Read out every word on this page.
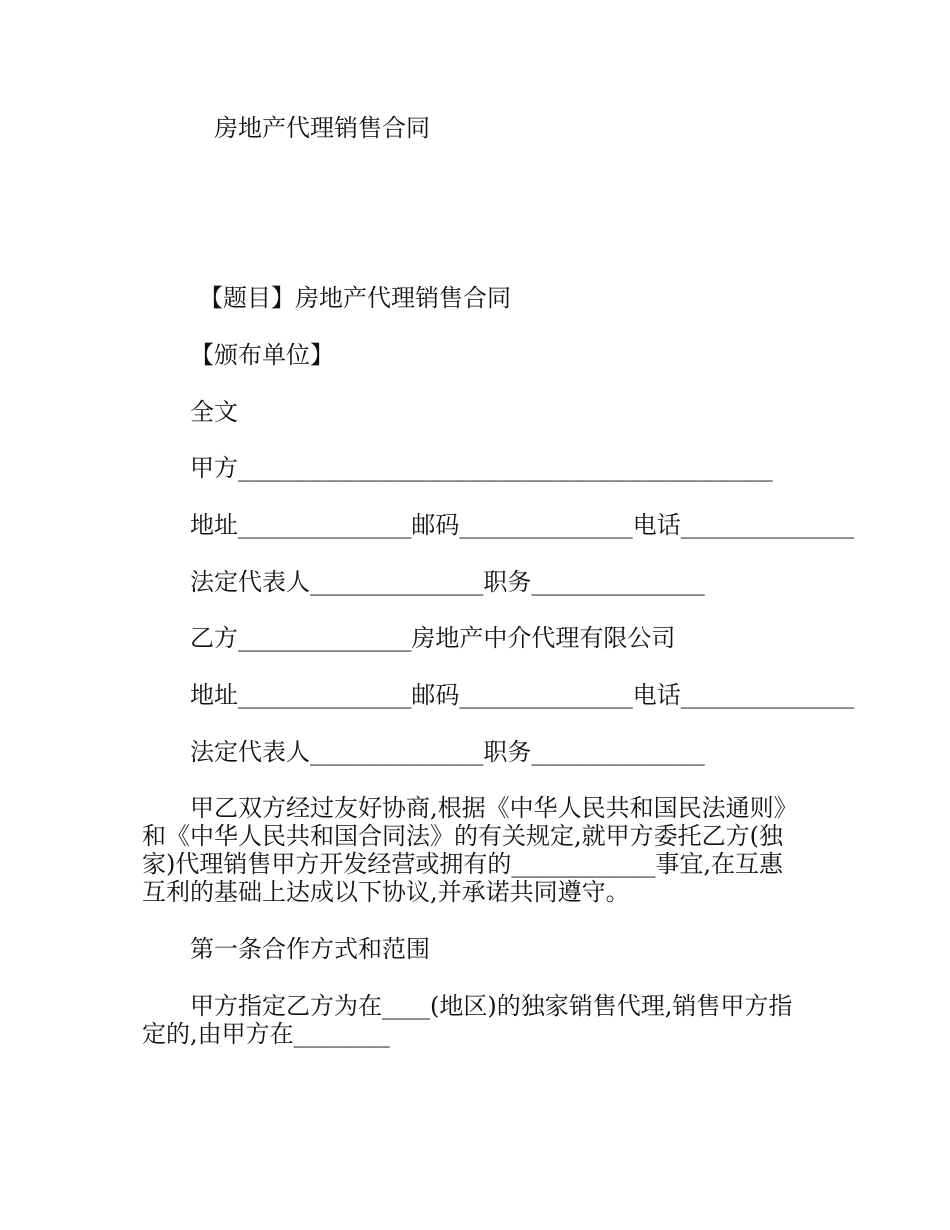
房地产代理销售合同

【题目】房地产代理销售合同

【颁布单位】

全文

甲方_____________________________________

地址____________邮码____________电话____________

法定代表人____________职务____________

乙方____________房地产中介代理有限公司

地址____________邮码____________电话____________

法定代表人____________职务____________

甲乙双方经过友好协商,根据《中华人民共和国民法通则》和《中华人民共和国合同法》的有关规定,就甲方委托乙方(独家)代理销售甲方开发经营或拥有的____________事宜,在互惠互利的基础上达成以下协议,并承诺共同遵守。

第一条合作方式和范围

甲方指定乙方为在____(地区)的独家销售代理,销售甲方指定的,由甲方在________
